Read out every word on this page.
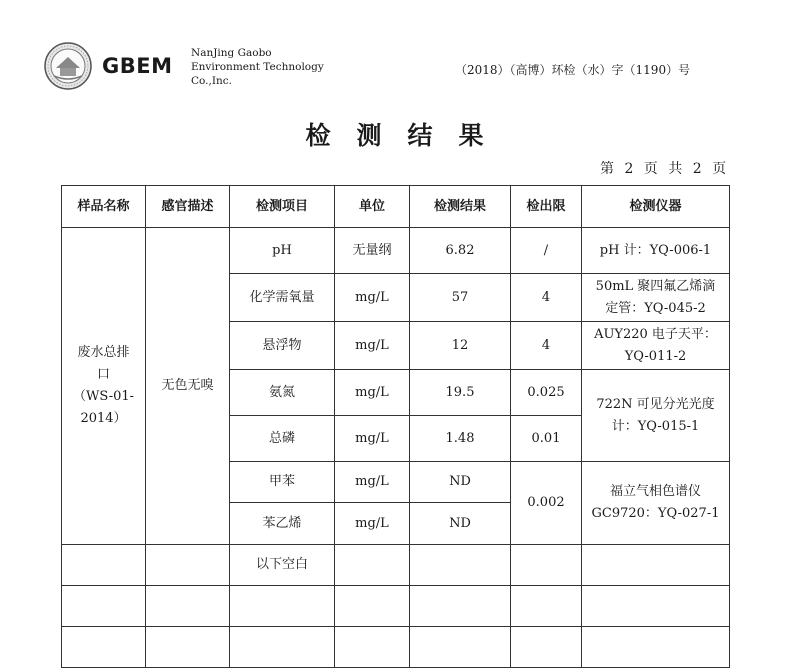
GBEM
NanJing Gaobo
Environment Technology
Co.,Inc.
（2018）（高博）环检（水）字（1190）号
检测结果
第 2 页 共 2 页
样品名称	感官描述	检测项目	单位	检测结果	检出限	检测仪器

废水总排
口
（WS-01-
2014）	无色无嗅	pH	无量纲	6.82	/	pH 计：YQ-006-1
		化学需氧量	mg/L	57	4	50mL 聚四氟乙烯滴
定管：YQ-045-2

		悬浮物	mg/L	12	4	AUY220 电子天平：
YQ-011-2

		氨氮	mg/L	19.5	0.025	722N 可见分光光度
计：YQ-015-1

		总磷	mg/L	1.48	0.01	
		甲苯	mg/L	ND	0.002	福立气相色谱仪
GC9720：YQ-027-1

		苯乙烯	mg/L	ND		
		以下空白				
